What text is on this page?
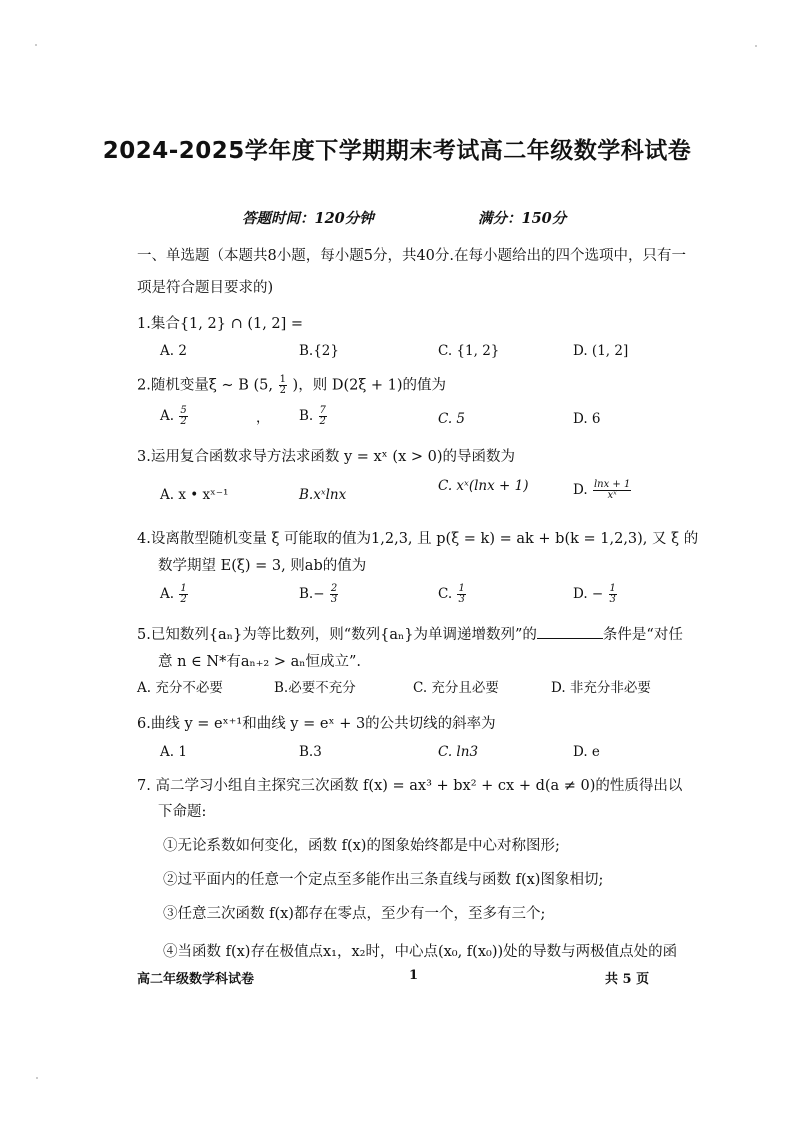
2024-2025学年度下学期期末考试高二年级数学科试卷
答题时间：120分钟	满分：150分
一、单选题（本题共8小题，每小题5分，共40分.在每小题给出的四个选项中，只有一
项是符合题目要求的)
1.集合{1, 2} ∩ (1, 2] =
A. 2	B.{2}	C. {1, 2}	D. (1, 2]
2.随机变量ξ ∼ B (5, $\frac{1}{2}$ )，则 D(2ξ + 1)的值为
A. $\frac{5}{2}$	， B. $\frac{7}{2}$	C. 5	D. 6
3.运用复合函数求导方法求函数 y = xˣ (x > 0)的导函数为
A. x • xˣ⁻¹	B.xˣlnx
C. xˣ(lnx + 1)	D. $\frac{\ln x + 1}{\text{xˣ}}$
4.设离散型随机变量 ξ 可能取的值为1,2,3, 且 p(ξ = k) = ak + b(k = 1,2,3), 又 ξ 的
数学期望 E(ξ) = 3, 则ab的值为
A. $\frac{1}{2}$	$B.- \frac{2}{3}$	C. $\frac{1}{3}$	D. − $\frac{1}{3}$
5.已知数列{aₙ}为等比数列，则“数列{aₙ}为单调递增数列”的	条件是“对任
意 n ∈ N*有aₙ₊₂ > aₙ恒成立”.
A. 充分不必要	B.必要不充分	C. 充分且必要	D. 非充分非必要
6.曲线 y = eˣ⁺¹和曲线 y = eˣ + 3的公共切线的斜率为
A. 1	B.3	C. ln3	D. e
7. 高二学习小组自主探究三次函数 f(x) = ax³ + bx² + cx + d(a ≠ 0)的性质得出以
下命题:
①无论系数如何变化，函数 f(x)的图象始终都是中心对称图形;
②过平面内的任意一个定点至多能作出三条直线与函数 f(x)图象相切;
③任意三次函数 f(x)都存在零点，至少有一个，至多有三个;
④当函数 f(x)存在极值点x₁，x₂时，中心点(x₀, f(x₀))处的导数与两极值点处的函
高二年级数学科试卷	1	共 5 页
